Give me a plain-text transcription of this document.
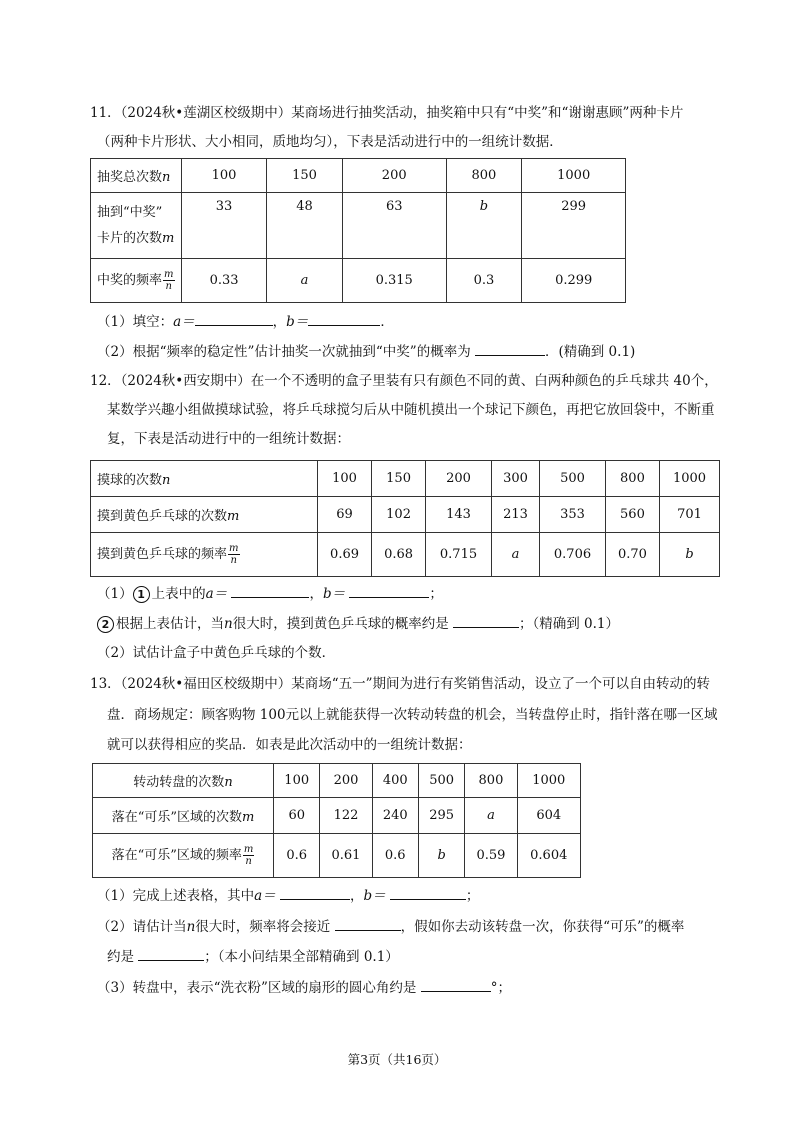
11．（2024秋•莲湖区校级期中）某商场进行抽奖活动，抽奖箱中只有“中奖”和“谢谢惠顾”两种卡片
（两种卡片形状、大小相同，质地均匀），下表是活动进行中的一组统计数据．
抽奖总次数n	100	150	200	800	1000
抽到“中奖”
卡片的次数m	33	48	63	b	299
中奖的频率 $\frac{m}{n}$	0.33	a	0.315	0.3	0.299
（1）填空：a＝	，b＝	．
（2）根据“频率的稳定性”估计抽奖一次就抽到“中奖”的概率为	．(精确到 0.1)
12．（2024秋•西安期中）在一个不透明的盒子里装有只有颜色不同的黄、白两种颜色的乒乓球共 40个，
某数学兴趣小组做摸球试验，将乒乓球搅匀后从中随机摸出一个球记下颜色，再把它放回袋中，不断重
复，下表是活动进行中的一组统计数据：
摸球的次数n	100	150	200	300	500	800	1000
摸到黄色乒乓球的次数m	69	102	143	213	353	560	701
摸到黄色乒乓球的频率 $\frac{m}{n}$	0.69	0.68	0.715	a	0.706	0.70	b
（1） 1 上表中的a＝	，b＝	；
2 根据上表估计，当n很大时，摸到黄色乒乓球的概率约是	；（精确到 0.1）
（2）试估计盒子中黄色乒乓球的个数．
13．（2024秋•福田区校级期中）某商场“五一”期间为进行有奖销售活动，设立了一个可以自由转动的转
盘．商场规定：顾客购物 100元以上就能获得一次转动转盘的机会，当转盘停止时，指针落在哪一区域
就可以获得相应的奖品．如表是此次活动中的一组统计数据：
转动转盘的次数n	100	200	400	500	800	1000
落在“可乐”区域的次数m	60	122	240	295	a	604
落在“可乐”区域的频率 $\frac{m}{n}$	0.6	0.61	0.6	b	0.59	0.604
（1）完成上述表格，其中a＝	，b＝	；
（2）请估计当n很大时，频率将会接近	，假如你去动该转盘一次，你获得“可乐”的概率
约是	；（本小问结果全部精确到 0.1）
（3）转盘中，表示“洗衣粉”区域的扇形的圆心角约是	°；
第3页（共16页）
